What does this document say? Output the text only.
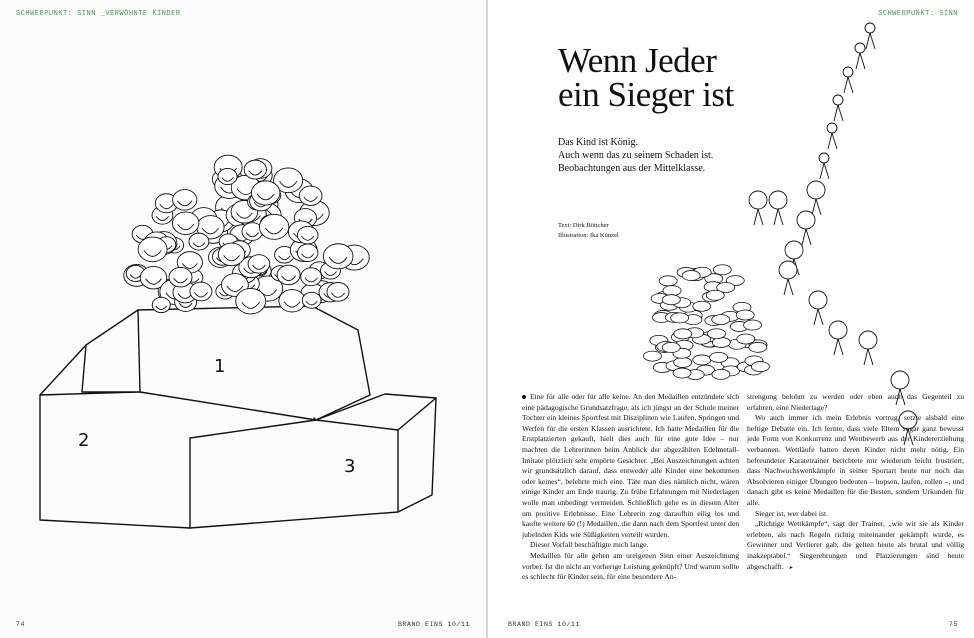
SCHWERPUNKT: SINN _VERWÖHNTE KINDER
1
2
3
74	BRAND EINS 10/11
SCHWERPUNKT: SINN
Wenn Jeder
ein Sieger ist
Das Kind ist König.
Auch wenn das zu seinem Schaden ist.
Beobachtungen aus der Mittelklasse.
Text: Dirk Böttcher
Illustration: Ika Künzel

Eine für alle oder für alle keine. An den Medaillen entzündete sich eine pädagogische Grundsatzfrage, als ich jüngst an der Schule meiner Tochter ein kleines Sportfest mit Disziplinen wie Laufen, Springen und Werfen für die ersten Klassen ausrichtete. Ich hatte Medaillen für die Erstplatzierten gekauft, hielt dies auch für eine gute Idee – nur machten die Lehrerinnen beim Anblick der abgezählten Edelmetall-Imitate plötzlich sehr empörte Gesichter. „Bei Auszeichnungen achten wir grundsätzlich darauf, dass entweder alle Kinder eine bekommen oder keines“, belehrte mich eine. Täte man dies nämlich nicht, wären einige Kinder am Ende traurig. Zu frühe Erfahrungen mit Niederlagen wolle man unbedingt vermeiden. Schließlich gehe es in diesem Alter um positive Erlebnisse. Eine Lehrerin zog daraufhin eilig los und kaufte weitere 60 (!) Medaillen, die dann nach dem Sportfest unter den jubelnden Kids wie Süßigkeiten verteilt wurden.

Dieser Vorfall beschäftigte mich lange.

Medaillen für alle gehen am ureigenen Sinn einer Auszeichnung vorbei. Ist die nicht an vorherige Leistung geknüpft? Und warum sollte es schlecht für Kinder sein, für eine besondere An-

strengung belohnt zu werden oder eben auch das Gegenteil zu erfahren, eine Niederlage?

Wo auch immer ich mein Erlebnis vortrug, setzte alsbald eine heftige Debatte ein. Ich lernte, dass viele Eltern sogar ganz bewusst jede Form von Konkurrenz und Wettbewerb aus der Kindererziehung verbannen. Wettläufe hatten deren Kinder nicht mehr nötig. Ein befreundeter Karatetrainer berichtete mir wiederum leicht frustriert, dass Nachwuchswettkämpfe in seiner Sportart heute nur noch das Absolvieren einiger Übungen bedeuten – hopsen, laufen, rollen –, und danach gibt es keine Medaillen für die Besten, sondern Urkunden für alle.

Sieger ist, wer dabei ist.

„Richtige Wettkämpfe“, sagt der Trainer, „wie wir sie als Kinder erlebten, als nach Regeln richtig miteinander gekämpft wurde, es Gewinner und Verlierer gab, die gelten heute als brutal und völlig inakzeptabel.“ Siegerehrungen und Platzierungen sind heute abgeschafft. ▸

BRAND EINS 10/11	75
